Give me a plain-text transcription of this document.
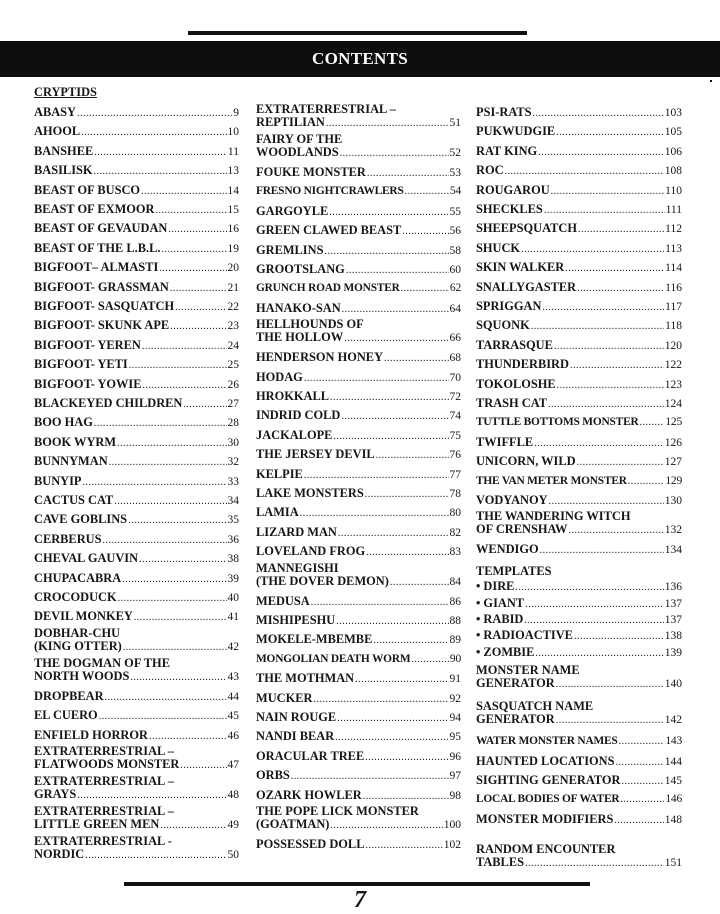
CONTENTS
CRYPTIDS
ABASY .....	9
AHOOL .....	10
BANSHEE .....	11
BASILISK .....	13
BEAST OF BUSCO .....	14
BEAST OF EXMOOR .....	15
BEAST OF GEVAUDAN .....	16
BEAST OF THE L.B.L. .....	19
BIGFOOT– ALMASTI .....	20
BIGFOOT- GRASSMAN .....	21
BIGFOOT- SASQUATCH .....	22
BIGFOOT- SKUNK APE .....	23
BIGFOOT- YEREN .....	24
BIGFOOT- YETI .....	25
BIGFOOT- YOWIE .....	26
BLACKEYED CHILDREN .....	27
BOO HAG .....	28
BOOK WYRM .....	30
BUNNYMAN .....	32
BUNYIP .....	33
CACTUS CAT .....	34
CAVE GOBLINS .....	35
CERBERUS .....	36
CHEVAL GAUVIN .....	38
CHUPACABRA .....	39
CROCODUCK .....	40
DEVIL MONKEY .....	41
DOBHAR-CHU
(KING OTTER) .....	42
THE DOGMAN OF THE
NORTH WOODS .....	43
DROPBEAR .....	44
EL CUERO .....	45
ENFIELD HORROR .....	46
EXTRATERRESTRIAL –
FLATWOODS MONSTER .....	47
EXTRATERRESTRIAL –
GRAYS .....	48
EXTRATERRESTRIAL –
LITTLE GREEN MEN .....	49
EXTRATERRESTRIAL -
NORDIC .....	50
EXTRATERRESTRIAL –
REPTILIAN .....	51
FAIRY OF THE
WOODLANDS .....	52
FOUKE MONSTER .....	53
FRESNO NIGHTCRAWLERS .....	54
GARGOYLE .....	55
GREEN CLAWED BEAST .....	56
GREMLINS .....	58
GROOTSLANG .....	60
GRUNCH ROAD MONSTER .....	62
HANAKO-SAN .....	64
HELLHOUNDS OF
THE HOLLOW .....	66
HENDERSON HONEY .....	68
HODAG .....	70
HROKKALL .....	72
INDRID COLD .....	74
JACKALOPE .....	75
THE JERSEY DEVIL .....	76
KELPIE .....	77
LAKE MONSTERS .....	78
LAMIA .....	80
LIZARD MAN .....	82
LOVELAND FROG .....	83
MANNEGISHI
(THE DOVER DEMON) .....	84
MEDUSA .....	86
MISHIPESHU .....	88
MOKELE-MBEMBE .....	89
MONGOLIAN DEATH WORM .....	90
THE MOTHMAN .....	91
MUCKER .....	92
NAIN ROUGE .....	94
NANDI BEAR .....	95
ORACULAR TREE .....	96
ORBS .....	97
OZARK HOWLER .....	98
THE POPE LICK MONSTER
(GOATMAN) .....	100
POSSESSED DOLL .....	102
PSI-RATS .....	103
PUKWUDGIE .....	105
RAT KING .....	106
ROC .....	108
ROUGAROU .....	110
SHECKLES .....	111
SHEEPSQUATCH .....	112
SHUCK .....	113
SKIN WALKER .....	114
SNALLYGASTER .....	116
SPRIGGAN .....	117
SQUONK .....	118
TARRASQUE .....	120
THUNDERBIRD .....	122
TOKOLOSHE .....	123
TRASH CAT .....	124
TUTTLE BOTTOMS MONSTER ..... 125
TWIFFLE .....	126
UNICORN, WILD .....	127
THE VAN METER MONSTER .....	129
VODYANOY .....	130
THE WANDERING WITCH
OF CRENSHAW .....	132
WENDIGO .....	134
TEMPLATES
• DIRE .....	136
• GIANT .....	137
• RABID .....	137
• RADIOACTIVE .....	138
• ZOMBIE .....	139
MONSTER NAME
GENERATOR .....	140
SASQUATCH NAME
GENERATOR .....	142
WATER MONSTER NAMES .....	143
HAUNTED LOCATIONS .....	144
SIGHTING GENERATOR .....	145
LOCAL BODIES OF WATER .....	146
MONSTER MODIFIERS .....	148
RANDOM ENCOUNTER
TABLES .....	151
7
